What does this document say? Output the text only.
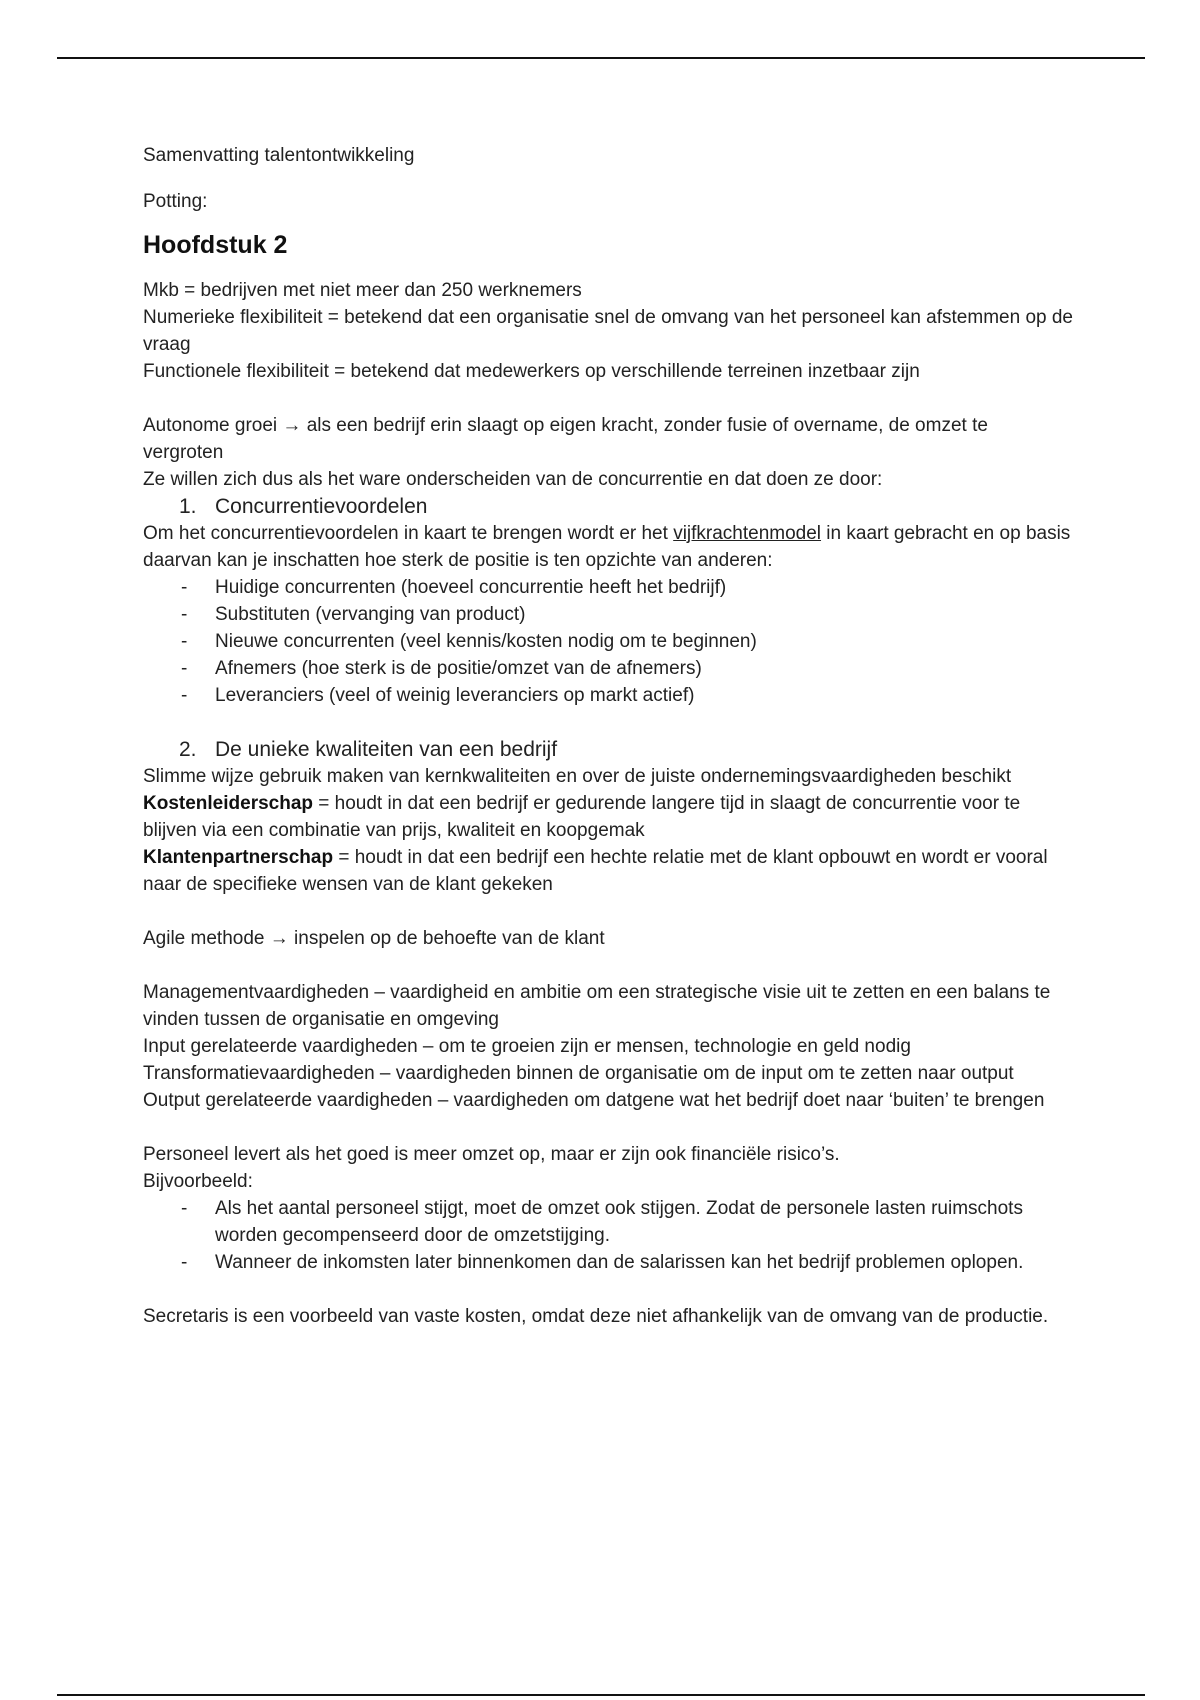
Samenvatting talentontwikkeling

Potting:

Hoofdstuk 2

Mkb = bedrijven met niet meer dan 250 werknemers

Numerieke flexibiliteit = betekend dat een organisatie snel de omvang van het personeel kan afstemmen op de vraag

Functionele flexibiliteit = betekend dat medewerkers op verschillende terreinen inzetbaar zijn

Autonome groei → als een bedrijf erin slaagt op eigen kracht, zonder fusie of overname, de omzet te vergroten

Ze willen zich dus als het ware onderscheiden van de concurrentie en dat doen ze door:

1. Concurrentievoordelen

Om het concurrentievoordelen in kaart te brengen wordt er het vijfkrachtenmodel in kaart gebracht en op basis daarvan kan je inschatten hoe sterk de positie is ten opzichte van anderen:

-	Huidige concurrenten (hoeveel concurrentie heeft het bedrijf)
-	Substituten (vervanging van product)
-	Nieuwe concurrenten (veel kennis/kosten nodig om te beginnen)
-	Afnemers (hoe sterk is de positie/omzet van de afnemers)
-	Leveranciers (veel of weinig leveranciers op markt actief)
2. De unieke kwaliteiten van een bedrijf

Slimme wijze gebruik maken van kernkwaliteiten en over de juiste ondernemingsvaardigheden beschikt

Kostenleiderschap = houdt in dat een bedrijf er gedurende langere tijd in slaagt de concurrentie voor te blijven via een combinatie van prijs, kwaliteit en koopgemak

Klantenpartnerschap = houdt in dat een bedrijf een hechte relatie met de klant opbouwt en wordt er vooral naar de specifieke wensen van de klant gekeken

Agile methode → inspelen op de behoefte van de klant

Managementvaardigheden – vaardigheid en ambitie om een strategische visie uit te zetten en een balans te vinden tussen de organisatie en omgeving

Input gerelateerde vaardigheden – om te groeien zijn er mensen, technologie en geld nodig

Transformatievaardigheden – vaardigheden binnen de organisatie om de input om te zetten naar output

Output gerelateerde vaardigheden – vaardigheden om datgene wat het bedrijf doet naar ‘buiten’ te brengen

Personeel levert als het goed is meer omzet op, maar er zijn ook financiële risico’s.

Bijvoorbeeld:

-	Als het aantal personeel stijgt, moet de omzet ook stijgen. Zodat de personele lasten ruimschots worden gecompenseerd door de omzetstijging.
-	Wanneer de inkomsten later binnenkomen dan de salarissen kan het bedrijf problemen oplopen.

Secretaris is een voorbeeld van vaste kosten, omdat deze niet afhankelijk van de omvang van de productie.
